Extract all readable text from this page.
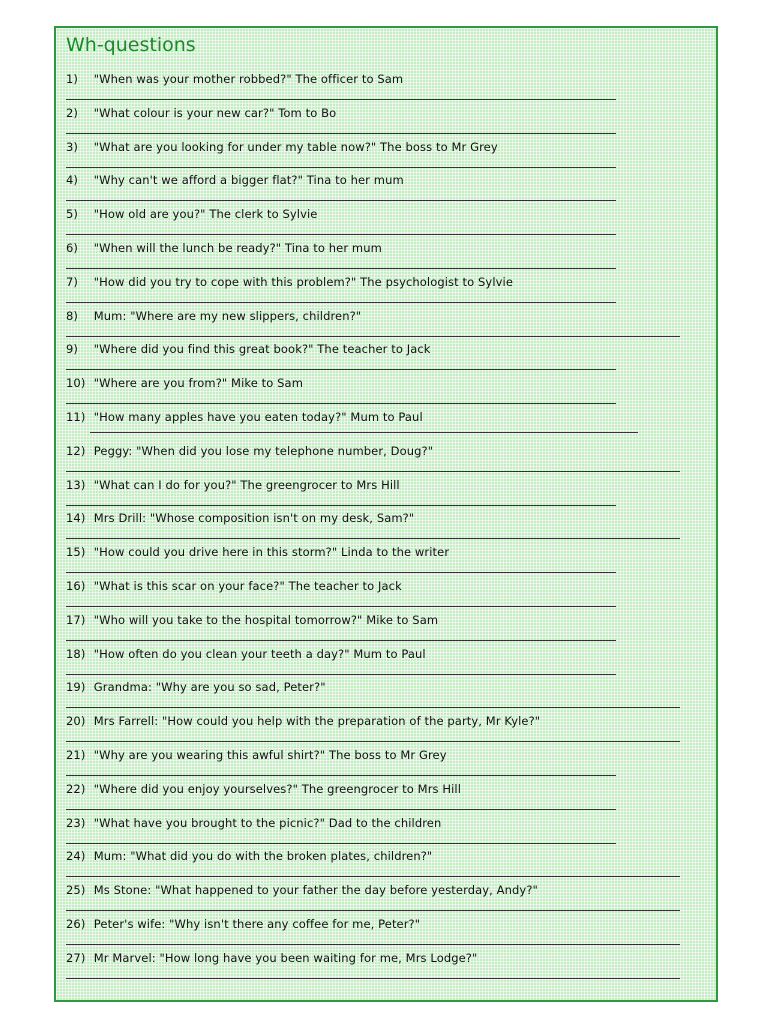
Wh-questions
1) "When was your mother robbed?" The officer to Sam
2) "What colour is your new car?" Tom to Bo
3) "What are you looking for under my table now?" The boss to Mr Grey
4) "Why can't we afford a bigger flat?" Tina to her mum
5) "How old are you?" The clerk to Sylvie
6) "When will the lunch be ready?" Tina to her mum
7) "How did you try to cope with this problem?" The psychologist to Sylvie
8) Mum: "Where are my new slippers, children?"
9) "Where did you find this great book?" The teacher to Jack
10) "Where are you from?" Mike to Sam
11) "How many apples have you eaten today?" Mum to Paul
12) Peggy: "When did you lose my telephone number, Doug?"
13) "What can I do for you?" The greengrocer to Mrs Hill
14) Mrs Drill: "Whose composition isn't on my desk, Sam?"
15) "How could you drive here in this storm?" Linda to the writer
16) "What is this scar on your face?" The teacher to Jack
17) "Who will you take to the hospital tomorrow?" Mike to Sam
18) "How often do you clean your teeth a day?" Mum to Paul
19) Grandma: "Why are you so sad, Peter?"
20) Mrs Farrell: "How could you help with the preparation of the party, Mr Kyle?"
21) "Why are you wearing this awful shirt?" The boss to Mr Grey
22) "Where did you enjoy yourselves?" The greengrocer to Mrs Hill
23) "What have you brought to the picnic?" Dad to the children
24) Mum: "What did you do with the broken plates, children?"
25) Ms Stone: "What happened to your father the day before yesterday, Andy?"
26) Peter's wife: "Why isn't there any coffee for me, Peter?"
27) Mr Marvel: "How long have you been waiting for me, Mrs Lodge?"
